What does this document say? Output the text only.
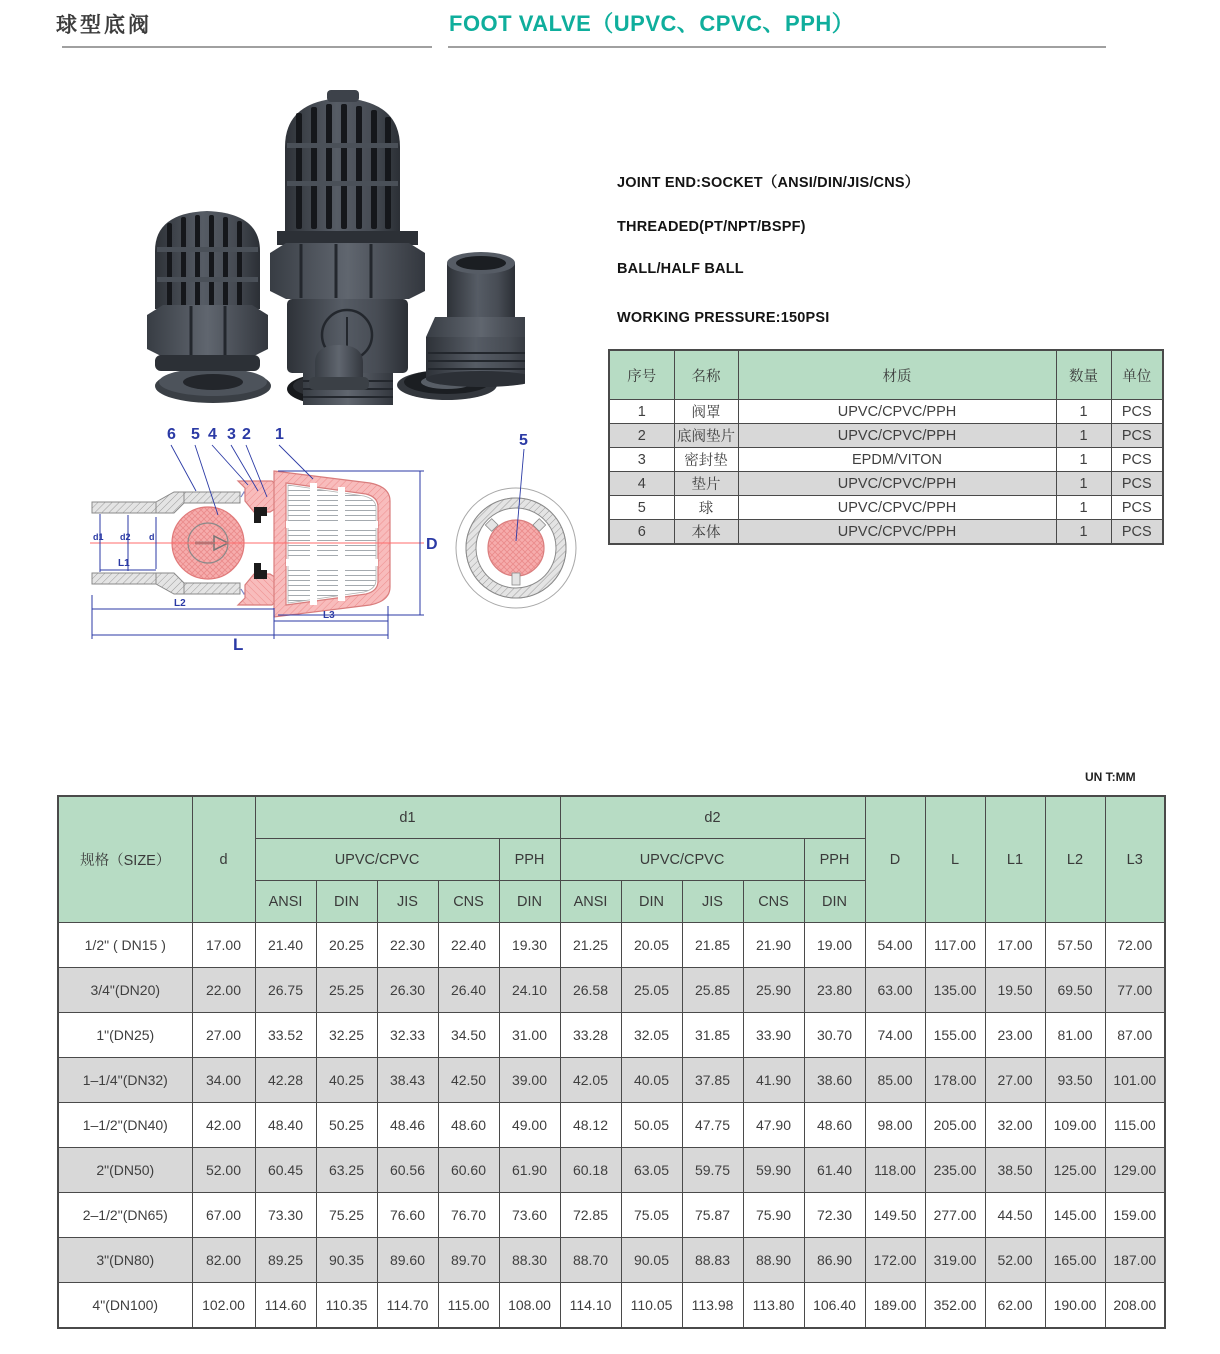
球型底阀	FOOT VALVE（UPVC、CPVC、PPH）
JOINT END:SOCKET（ANSI/DIN/JIS/CNS）
THREADED(PT/NPT/BSPF)
BALL/HALF BALL
WORKING PRESSURE:150PSI
序号	名称	材质	数量	单位
1	阀罩	UPVC/CPVC/PPH	1	PCS
2	底阀垫片	UPVC/CPVC/PPH	1	PCS
3	密封垫	EPDM/VITON	1	PCS
4	垫片	UPVC/CPVC/PPH	1	PCS
5	球	UPVC/CPVC/PPH	1	PCS
6	本体	UPVC/CPVC/PPH	1	PCS
6 5 4 3 2 1
d1 d2 d
L1
L2
L3
L
D
5
UN T:MM
规格（SIZE）	d	d1					d2					D	L	L1	L2	L3
		UPVC/CPVC				PPH	UPVC/CPVC				PPH					
		ANSI	DIN	JIS	CNS	DIN	ANSI	DIN	JIS	CNS	DIN					
1/2" ( DN15 )	17.00	21.40	20.25	22.30	22.40	19.30	21.25	20.05	21.85	21.90	19.00	54.00	117.00	17.00	57.50	72.00
3/4"(DN20)	22.00	26.75	25.25	26.30	26.40	24.10	26.58	25.05	25.85	25.90	23.80	63.00	135.00	19.50	69.50	77.00
1"(DN25)	27.00	33.52	32.25	32.33	34.50	31.00	33.28	32.05	31.85	33.90	30.70	74.00	155.00	23.00	81.00	87.00
1–1/4"(DN32)	34.00	42.28	40.25	38.43	42.50	39.00	42.05	40.05	37.85	41.90	38.60	85.00	178.00	27.00	93.50	101.00
1–1/2"(DN40)	42.00	48.40	50.25	48.46	48.60	49.00	48.12	50.05	47.75	47.90	48.60	98.00	205.00	32.00	109.00	115.00
2"(DN50)	52.00	60.45	63.25	60.56	60.60	61.90	60.18	63.05	59.75	59.90	61.40	118.00	235.00	38.50	125.00	129.00
2–1/2"(DN65)	67.00	73.30	75.25	76.60	76.70	73.60	72.85	75.05	75.87	75.90	72.30	149.50	277.00	44.50	145.00	159.00
3"(DN80)	82.00	89.25	90.35	89.60	89.70	88.30	88.70	90.05	88.83	88.90	86.90	172.00	319.00	52.00	165.00	187.00
4"(DN100)	102.00	114.60	110.35	114.70	115.00	108.00	114.10	110.05	113.98	113.80	106.40	189.00	352.00	62.00	190.00	208.00
